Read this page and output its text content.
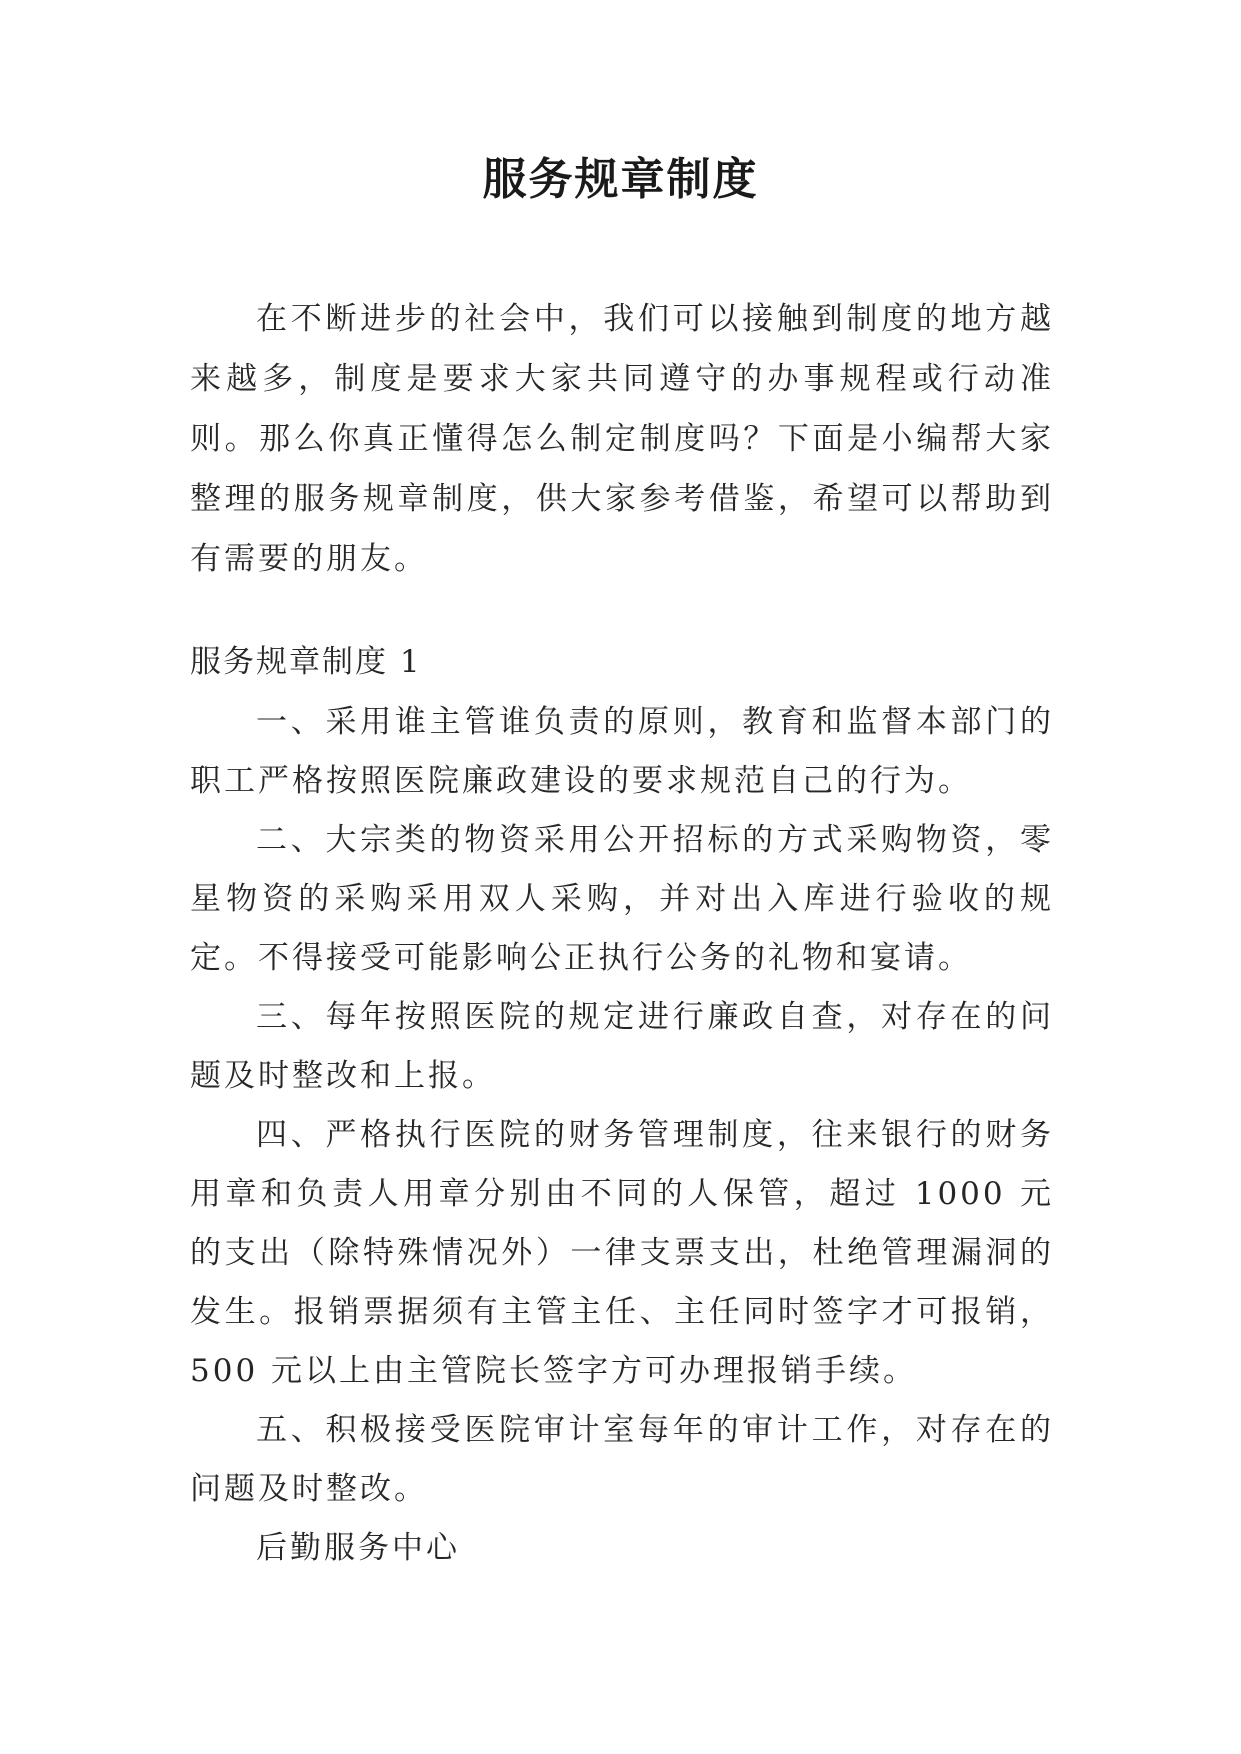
服务规章制度

在不断进步的社会中，我们可以接触到制度的地方越来越多，制度是要求大家共同遵守的办事规程或行动准则。那么你真正懂得怎么制定制度吗？下面是小编帮大家整理的服务规章制度，供大家参考借鉴，希望可以帮助到有需要的朋友。

服务规章制度 1

一、采用谁主管谁负责的原则，教育和监督本部门的职工严格按照医院廉政建设的要求规范自己的行为。

二、大宗类的物资采用公开招标的方式采购物资，零星物资的采购采用双人采购，并对出入库进行验收的规定。不得接受可能影响公正执行公务的礼物和宴请。

三、每年按照医院的规定进行廉政自查，对存在的问题及时整改和上报。

四、严格执行医院的财务管理制度，往来银行的财务用章和负责人用章分别由不同的人保管，超过 1000 元的支出（除特殊情况外）一律支票支出，杜绝管理漏洞的发生。报销票据须有主管主任、主任同时签字才可报销，500 元以上由主管院长签字方可办理报销手续。

五、积极接受医院审计室每年的审计工作，对存在的问题及时整改。

后勤服务中心
